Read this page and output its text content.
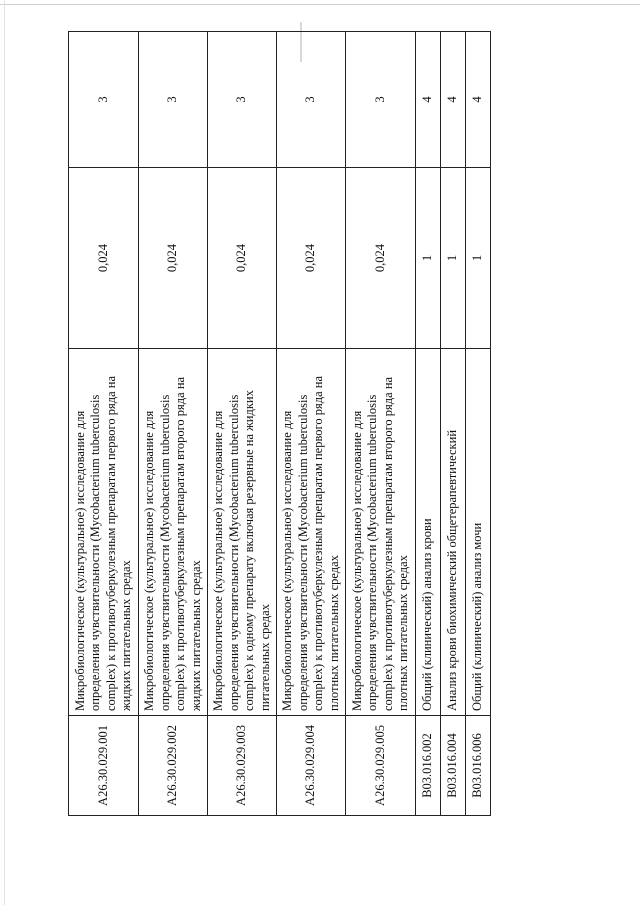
A26.30.029.001	Микробиологическое (культуральное) исследование для определения чувствительности (Mycobacterium tuberculosis complex) к противотуберкулезным препаратам первого ряда на жидких питательных средах	0,024	3
A26.30.029.002	Микробиологическое (культуральное) исследование для определения чувствительности (Mycobacterium tuberculosis complex) к противотуберкулезным препаратам второго ряда на жидких питательных средах	0,024	3
A26.30.029.003	Микробиологическое (культуральное) исследование для определения чувствительности (Mycobacterium tuberculosis complex) к одному препарату включая резервные на жидких питательных средах	0,024	3
A26.30.029.004	Микробиологическое (культуральное) исследование для определения чувствительности (Mycobacterium tuberculosis complex) к противотуберкулезным препаратам первого ряда на плотных питательных средах	0,024	3
A26.30.029.005	Микробиологическое (культуральное) исследование для определения чувствительности (Mycobacterium tuberculosis complex) к противотуберкулезным препаратам второго ряда на плотных питательных средах	0,024	3
B03.016.002	Общий (клинический) анализ крови	1	4
B03.016.004	Анализ крови биохимический общетерапевтический	1	4
B03.016.006	Общий (клинический) анализ мочи	1	4
